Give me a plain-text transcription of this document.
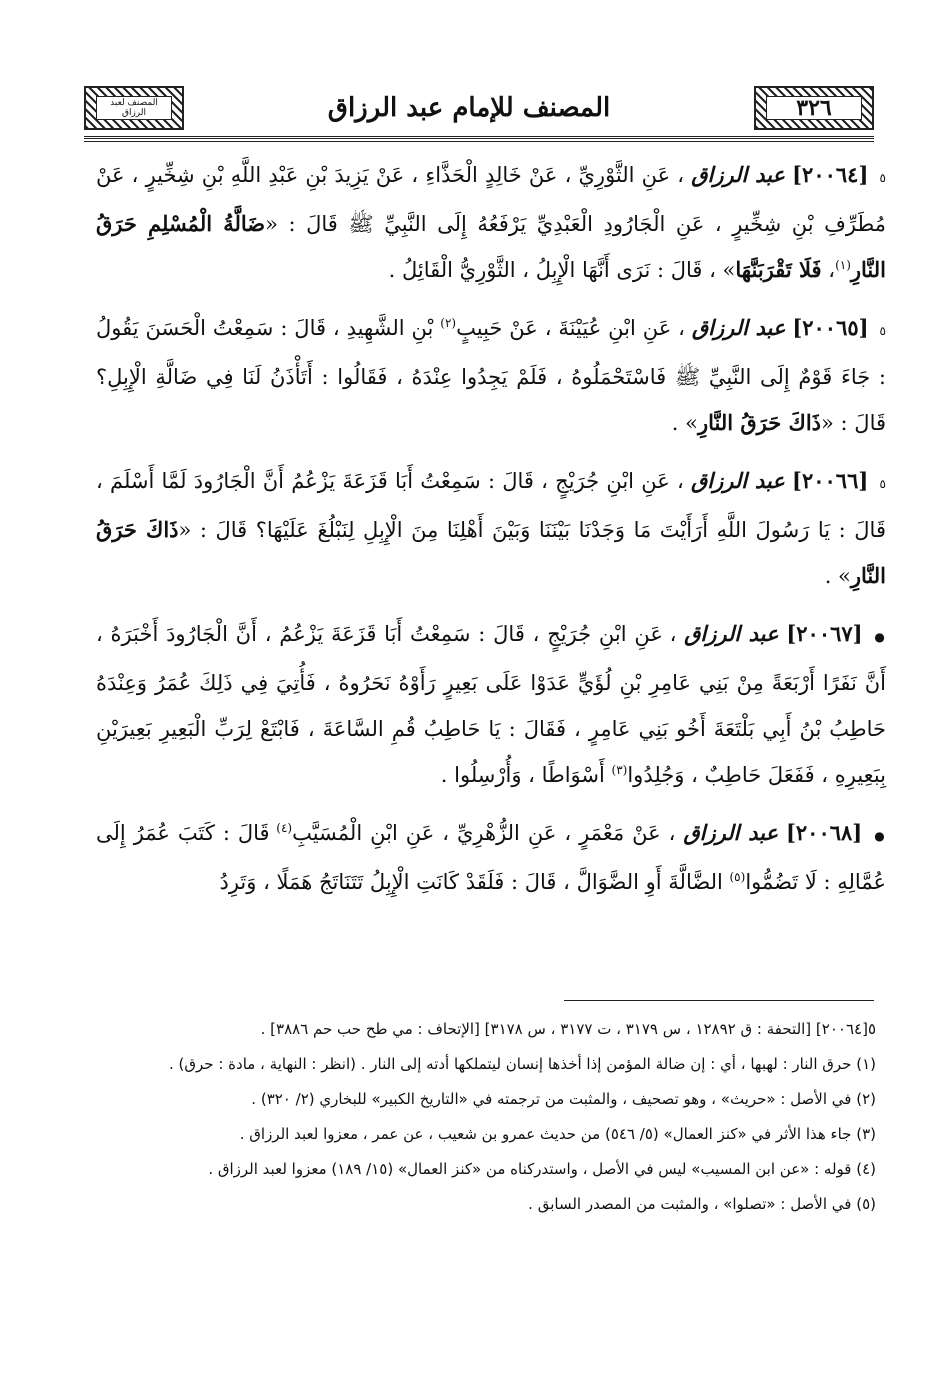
المصنف لعبد الرزاق	المصنف للإمام عبد الرزاق	٣٢٦

٥ [٢٠٠٦٤] عبد الرزاق ، عَنِ الثَّوْرِيِّ ، عَنْ خَالِدٍ الْحَذَّاءِ ، عَنْ يَزِيدَ بْنِ عَبْدِ اللَّهِ بْنِ شِخِّيرٍ ، عَنْ مُطَرِّفِ بْنِ شِخِّيرٍ ، عَنِ الْجَارُودِ الْعَبْدِيِّ يَرْفَعُهُ إِلَى النَّبِيِّ ﷺ قَالَ : «ضَالَّةُ الْمُسْلِمِ حَرَقُ النَّارِ$^{(١)}$، فَلَا تَقْرَبَنَّهَا» ، قَالَ : نَرَى أَنَّهَا الْإِبِلُ ، الثَّوْرِيُّ الْقَائِلُ .

٥ [٢٠٠٦٥] عبد الرزاق ، عَنِ ابْنِ عُيَيْنَةَ ، عَنْ حَبِيبٍ$^{(٢)}$ بْنِ الشَّهِيدِ ، قَالَ : سَمِعْتُ الْحَسَنَ يَقُولُ : جَاءَ قَوْمٌ إِلَى النَّبِيِّ ﷺ فَاسْتَحْمَلُوهُ ، فَلَمْ يَجِدُوا عِنْدَهُ ، فَقَالُوا : أَتَأْذَنُ لَنَا فِي ضَالَّةِ الْإِبِلِ؟ قَالَ : «ذَاكَ حَرَقُ النَّارِ» .

٥ [٢٠٠٦٦] عبد الرزاق ، عَنِ ابْنِ جُرَيْجٍ ، قَالَ : سَمِعْتُ أَبَا قَزَعَةَ يَزْعُمُ أَنَّ الْجَارُودَ لَمَّا أَسْلَمَ ، قَالَ : يَا رَسُولَ اللَّهِ أَرَأَيْتَ مَا وَجَدْنَا بَيْنَنَا وَبَيْنَ أَهْلِنَا مِنَ الْإِبِلِ لِنَبْلُغَ عَلَيْهَا؟ قَالَ : «ذَاكَ حَرَقُ النَّارِ» .

● [٢٠٠٦٧] عبد الرزاق ، عَنِ ابْنِ جُرَيْجٍ ، قَالَ : سَمِعْتُ أَبَا قَزَعَةَ يَزْعُمُ ، أَنَّ الْجَارُودَ أَخْبَرَهُ ، أَنَّ نَفَرًا أَرْبَعَةً مِنْ بَنِي عَامِرِ بْنِ لُؤَيٍّ عَدَوْا عَلَى بَعِيرٍ رَأَوْهُ نَحَرُوهُ ، فَأُتِيَ فِي ذَلِكَ عُمَرُ وَعِنْدَهُ حَاطِبُ بْنُ أَبِي بَلْتَعَةَ أَخُو بَنِي عَامِرٍ ، فَقَالَ : يَا حَاطِبُ قُمِ السَّاعَةَ ، فَابْتَعْ لِرَبِّ الْبَعِيرِ بَعِيرَيْنِ بِبَعِيرِهِ ، فَفَعَلَ حَاطِبٌ ، وَجُلِدُوا$^{(٣)}$ أَسْوَاطًا ، وَأُرْسِلُوا .

● [٢٠٠٦٨] عبد الرزاق ، عَنْ مَعْمَرٍ ، عَنِ الزُّهْرِيِّ ، عَنِ ابْنِ الْمُسَيَّبِ$^{(٤)}$ قَالَ : كَتَبَ عُمَرُ إِلَى عُمَّالِهِ : لَا تَضُمُّوا$^{(٥)}$ الضَّالَّةَ أَوِ الضَّوَالَّ ، قَالَ : فَلَقَدْ كَانَتِ الْإِبِلُ تَتَنَاتَجُ هَمَلًا ، وَتَرِدُ

٥[٢٠٠٦٤] [التحفة : ق ١٢٨٩٢ ، س ٣١٧٩ ، ت ٣١٧٧ ، س ٣١٧٨] [الإتحاف : مي طح حب حم ٣٨٨٦] .

(١) حرق النار : لهبها ، أي : إن ضالة المؤمن إذا أخذها إنسان ليتملكها أدته إلى النار . (انظر : النهاية ، مادة : حرق) .

(٢) في الأصل : «حريث» ، وهو تصحيف ، والمثبت من ترجمته في «التاريخ الكبير» للبخاري (٢/ ٣٢٠) .

(٣) جاء هذا الأثر في «كنز العمال» (٥/ ٥٤٦) من حديث عمرو بن شعيب ، عن عمر ، معزوا لعبد الرزاق .

(٤) قوله : «عن ابن المسيب» ليس في الأصل ، واستدركناه من «كنز العمال» (١٥/ ١٨٩) معزوا لعبد الرزاق .

(٥) في الأصل : «تصلوا» ، والمثبت من المصدر السابق .
